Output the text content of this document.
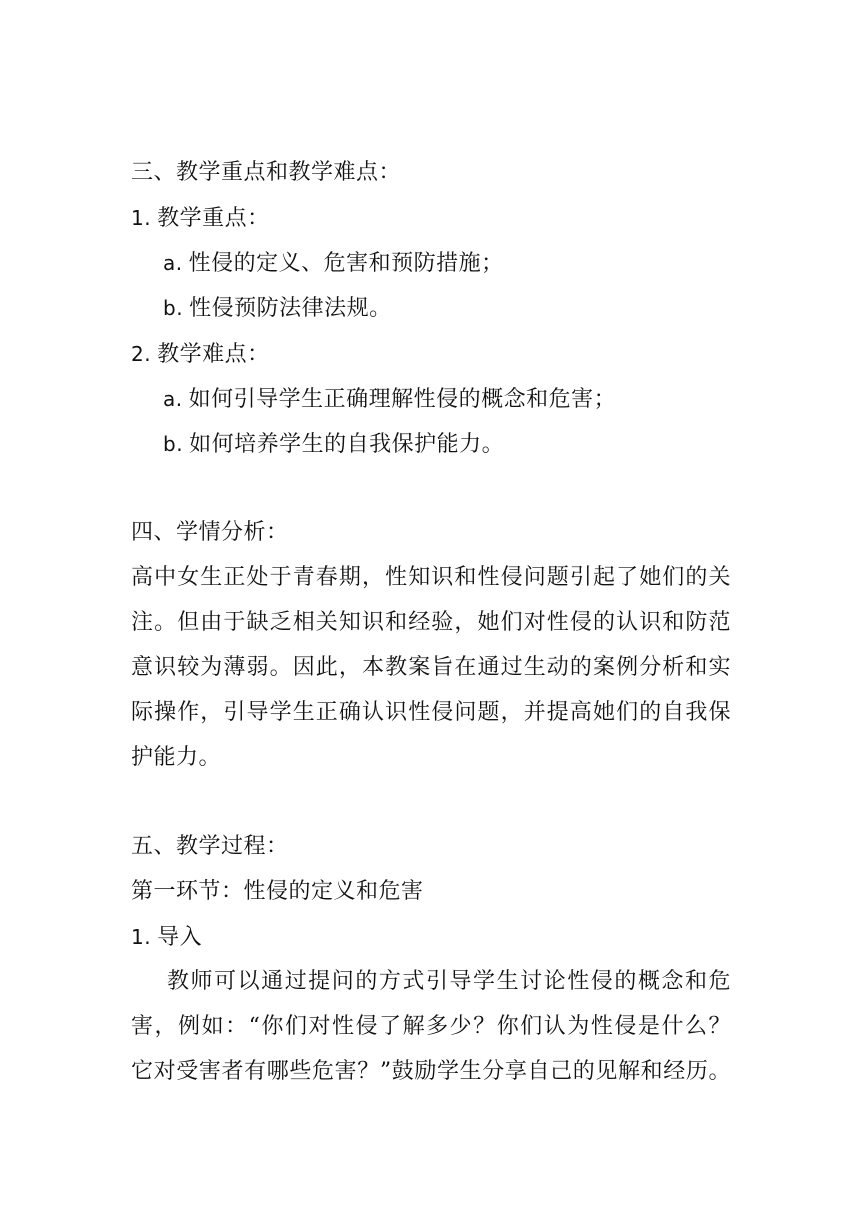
三、教学重点和教学难点：
1. 教学重点：
a. 性侵的定义、危害和预防措施；
b. 性侵预防法律法规。
2. 教学难点：
a. 如何引导学生正确理解性侵的概念和危害；
b. 如何培养学生的自我保护能力。
四、学情分析：
高中女生正处于青春期，性知识和性侵问题引起了她们的关
注。但由于缺乏相关知识和经验，她们对性侵的认识和防范
意识较为薄弱。因此，本教案旨在通过生动的案例分析和实
际操作，引导学生正确认识性侵问题，并提高她们的自我保
护能力。
五、教学过程：
第一环节：性侵的定义和危害
1. 导入
教师可以通过提问的方式引导学生讨论性侵的概念和危
害，例如：“你们对性侵了解多少？你们认为性侵是什么？
它对受害者有哪些危害？”鼓励学生分享自己的见解和经历。
